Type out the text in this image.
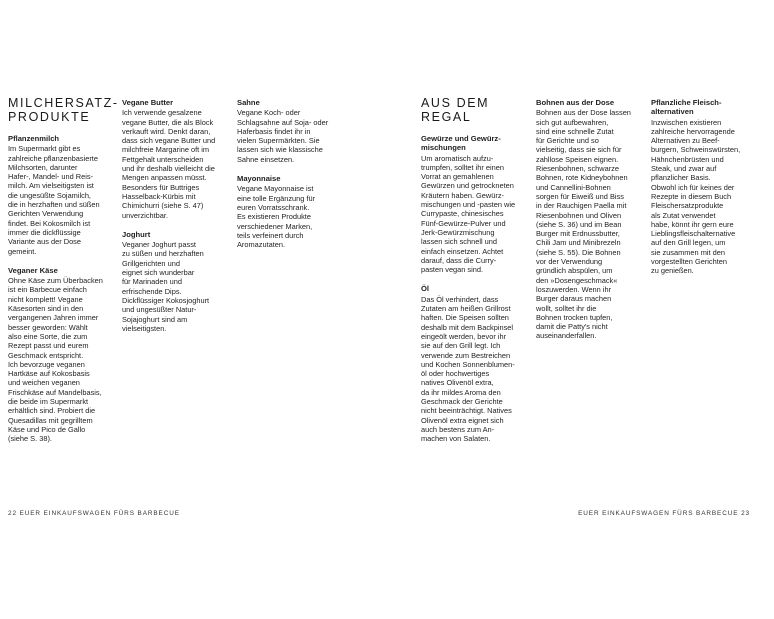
MILCHERSATZ-
PRODUKTE
Pflanzenmilch

Im Supermarkt gibt es
zahlreiche pflanzenbasierte
Milchsorten, darunter
Hafer-, Mandel- und Reis-
milch. Am vielseitigsten ist
die ungesüßte Sojamilch,
die in herzhaften und süßen
Gerichten Verwendung
findet. Bei Kokosmilch ist
immer die dickflüssige
Variante aus der Dose
gemeint.

Veganer Käse

Ohne Käse zum Überbacken
ist ein Barbecue einfach
nicht komplett! Vegane
Käsesorten sind in den
vergangenen Jahren immer
besser geworden: Wählt
also eine Sorte, die zum
Rezept passt und eurem
Geschmack entspricht.
Ich bevorzuge veganen
Hartkäse auf Kokosbasis
und weichen veganen
Frischkäse auf Mandelbasis,
die beide im Supermarkt
erhältlich sind. Probiert die
Quesadillas mit gegrilltem
Käse und Pico de Gallo
(siehe S. 38).

Vegane Butter

Ich verwende gesalzene
vegane Butter, die als Block
verkauft wird. Denkt daran,
dass sich vegane Butter und
milchfreie Margarine oft im
Fettgehalt unterscheiden
und ihr deshalb vielleicht die
Mengen anpassen müsst.
Besonders für Buttriges
Hasselback-Kürbis mit
Chimichurri (siehe S. 47)
unverzichtbar.

Joghurt

Veganer Joghurt passt
zu süßen und herzhaften
Grillgerichten und
eignet sich wunderbar
für Marinaden und
erfrischende Dips.
Dickflüssiger Kokosjoghurt
und ungesüßter Natur-
Sojajoghurt sind am
vielseitigsten.

Sahne

Vegane Koch- oder
Schlagsahne auf Soja- oder
Haferbasis findet ihr in
vielen Supermärkten. Sie
lassen sich wie klassische
Sahne einsetzen.

Mayonnaise

Vegane Mayonnaise ist
eine tolle Ergänzung für
euren Vorratsschrank.
Es existieren Produkte
verschiedener Marken,
teils verfeinert durch
Aromazutaten.

22 EUER EINKAUFSWAGEN FÜRS BARBECUE
AUS DEM REGAL
Gewürze und Gewürz-
mischungen

Um aromatisch aufzu-
trumpfen, solltet ihr einen
Vorrat an gemahlenen
Gewürzen und getrockneten
Kräutern haben. Gewürz-
mischungen und -pasten wie
Currypaste, chinesisches
Fünf-Gewürze-Pulver und
Jerk-Gewürzmischung
lassen sich schnell und
einfach einsetzen. Achtet
darauf, dass die Curry-
pasten vegan sind.

Öl

Das Öl verhindert, dass
Zutaten am heißen Grillrost
haften. Die Speisen sollten
deshalb mit dem Backpinsel
eingeölt werden, bevor ihr
sie auf den Grill legt. Ich
verwende zum Bestreichen
und Kochen Sonnenblumen-
öl oder hochwertiges
natives Olivenöl extra,
da ihr mildes Aroma den
Geschmack der Gerichte
nicht beeinträchtigt. Natives
Olivenöl extra eignet sich
auch bestens zum An-
machen von Salaten.

Bohnen aus der Dose

Bohnen aus der Dose lassen
sich gut aufbewahren,
sind eine schnelle Zutat
für Gerichte und so
vielseitig, dass sie sich für
zahllose Speisen eignen.
Riesenbohnen, schwarze
Bohnen, rote Kidneybohnen
und Cannellini-Bohnen
sorgen für Eiweiß und Biss
in der Rauchigen Paella mit
Riesenbohnen und Oliven
(siehe S. 36) und im Bean
Burger mit Erdnussbutter,
Chili Jam und Minibrezeln
(siehe S. 55). Die Bohnen
vor der Verwendung
gründlich abspülen, um
den »Dosengeschmack«
loszuwerden. Wenn ihr
Burger daraus machen
wollt, solltet ihr die
Bohnen trocken tupfen,
damit die Patty's nicht
auseinanderfallen.

Pflanzliche Fleisch-
alternativen

Inzwischen existieren
zahlreiche hervorragende
Alternativen zu Beef-
burgern, Schweinswürsten,
Hähnchenbrüsten und
Steak, und zwar auf
pflanzlicher Basis.
Obwohl ich für keines der
Rezepte in diesem Buch
Fleischersatzprodukte
als Zutat verwendet
habe, könnt ihr gern eure
Lieblingsfleischalternative
auf den Grill legen, um
sie zusammen mit den
vorgestellten Gerichten
zu genießen.

EUER EINKAUFSWAGEN FÜRS BARBECUE 23
